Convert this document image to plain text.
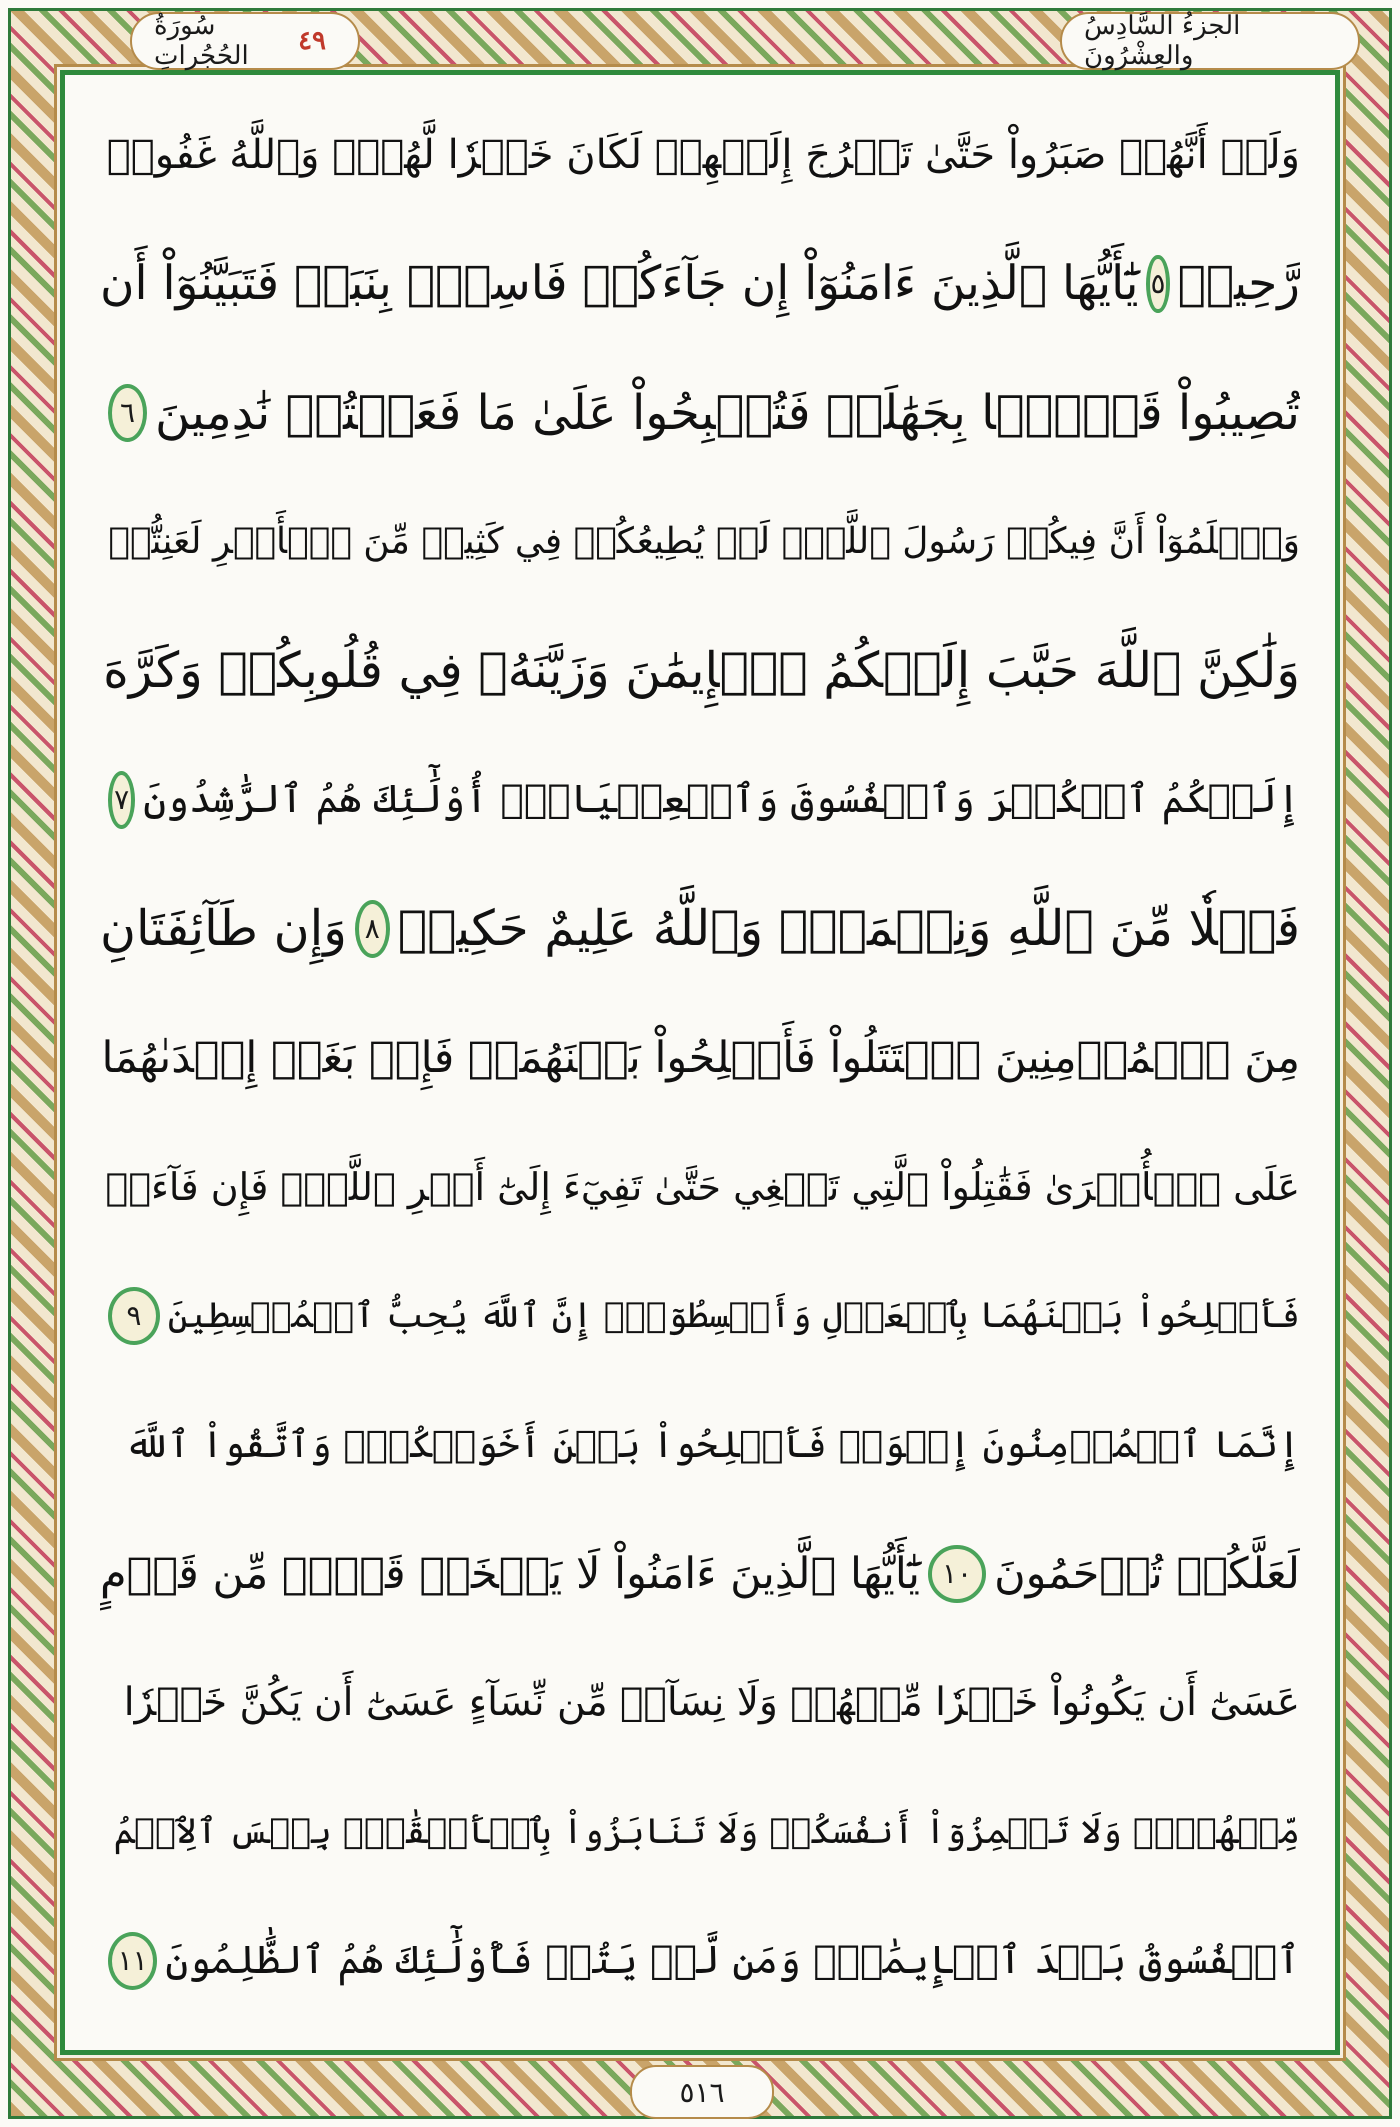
الجزءُ السَّادِسُ والعِشْرُونَ
سُورَةُ الحُجُراتِ	٤٩
وَلَوۡ أَنَّهُمۡ صَبَرُواْ حَتَّىٰ تَخۡرُجَ إِلَيۡهِمۡ لَكَانَ خَيۡرٗا لَّهُمۡۚ وَٱللَّهُ غَفُورٞ
رَّحِيمٞ
٥
يَٰٓأَيُّهَا ٱلَّذِينَ ءَامَنُوٓاْ إِن جَآءَكُمۡ فَاسِقُۢ بِنَبَإٖ فَتَبَيَّنُوٓاْ أَن
تُصِيبُواْ قَوۡمَۢا بِجَهَٰلَةٖ فَتُصۡبِحُواْ عَلَىٰ مَا فَعَلۡتُمۡ نَٰدِمِينَ
٦
وَٱعۡلَمُوٓاْ أَنَّ فِيكُمۡ رَسُولَ ٱللَّهِۚ لَوۡ يُطِيعُكُمۡ فِي كَثِيرٖ مِّنَ ٱلۡأَمۡرِ لَعَنِتُّمۡ
وَلَٰكِنَّ ٱللَّهَ حَبَّبَ إِلَيۡكُمُ ٱلۡإِيمَٰنَ وَزَيَّنَهُۥ فِي قُلُوبِكُمۡ وَكَرَّهَ
إِلَيۡكُمُ ٱلۡكُفۡرَ وَٱلۡفُسُوقَ وَٱلۡعِصۡيَانَۚ أُوْلَٰٓئِكَ هُمُ ٱلرَّٰشِدُونَ
٧
فَضۡلٗا مِّنَ ٱللَّهِ وَنِعۡمَةٗۚ وَٱللَّهُ عَلِيمٌ حَكِيمٞ
٨
وَإِن طَآئِفَتَانِ
مِنَ ٱلۡمُؤۡمِنِينَ ٱقۡتَتَلُواْ فَأَصۡلِحُواْ بَيۡنَهُمَاۖ فَإِنۢ بَغَتۡ إِحۡدَىٰهُمَا
عَلَى ٱلۡأُخۡرَىٰ فَقَٰتِلُواْ ٱلَّتِي تَبۡغِي حَتَّىٰ تَفِيٓءَ إِلَىٰٓ أَمۡرِ ٱللَّهِۚ فَإِن فَآءَتۡ
فَأَصۡلِحُواْ بَيۡنَهُمَا بِٱلۡعَدۡلِ وَأَقۡسِطُوٓاْۖ إِنَّ ٱللَّهَ يُحِبُّ ٱلۡمُقۡسِطِينَ
٩
إِنَّمَا ٱلۡمُؤۡمِنُونَ إِخۡوَةٞ فَأَصۡلِحُواْ بَيۡنَ أَخَوَيۡكُمۡۚ وَٱتَّقُواْ ٱللَّهَ
لَعَلَّكُمۡ تُرۡحَمُونَ
١٠
يَٰٓأَيُّهَا ٱلَّذِينَ ءَامَنُواْ لَا يَسۡخَرۡ قَوۡمٞ مِّن قَوۡمٍ
عَسَىٰٓ أَن يَكُونُواْ خَيۡرٗا مِّنۡهُمۡ وَلَا نِسَآءٞ مِّن نِّسَآءٍ عَسَىٰٓ أَن يَكُنَّ خَيۡرٗا
مِّنۡهُنَّۖ وَلَا تَلۡمِزُوٓاْ أَنفُسَكُمۡ وَلَا تَنَابَزُواْ بِٱلۡأَلۡقَٰبِۖ بِئۡسَ ٱلِٱسۡمُ
ٱلۡفُسُوقُ بَعۡدَ ٱلۡإِيمَٰنِۚ وَمَن لَّمۡ يَتُبۡ فَأُوْلَٰٓئِكَ هُمُ ٱلظَّٰلِمُونَ
١١
٥١٦
